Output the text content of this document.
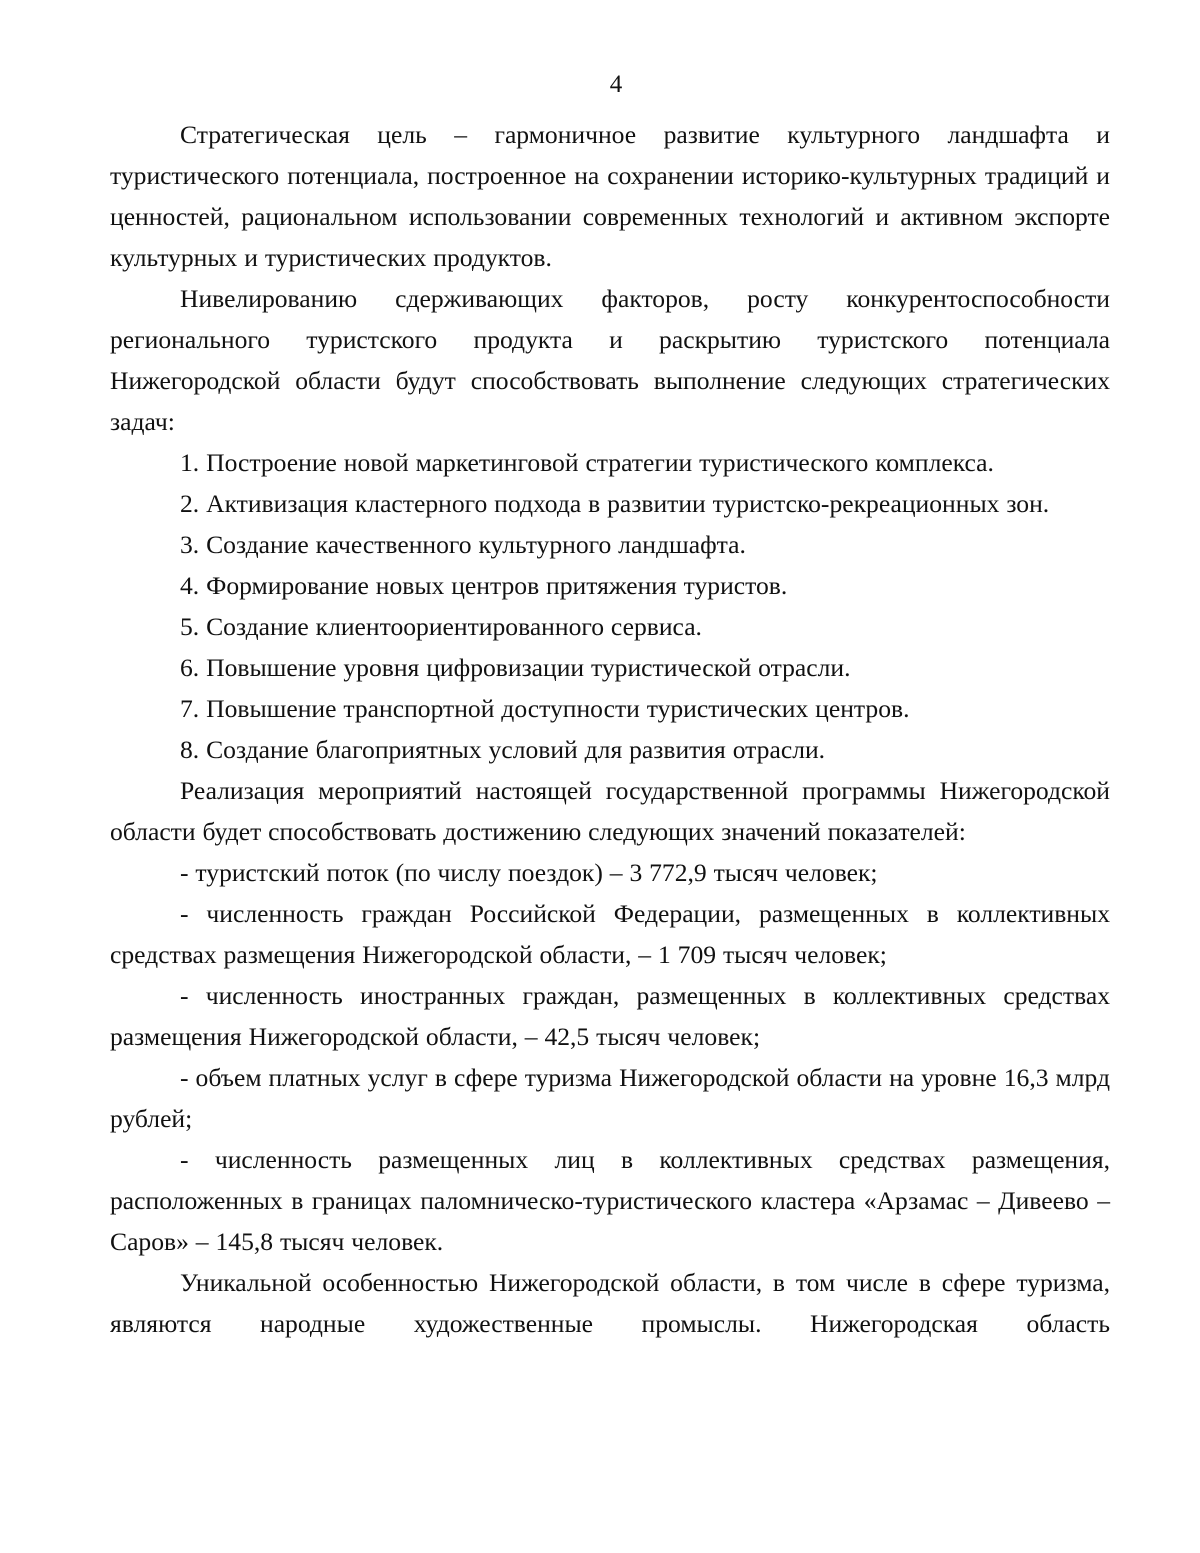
4

Стратегическая цель – гармоничное развитие культурного ландшафта и туристического потенциала, построенное на сохранении историко-культурных традиций и ценностей, рациональном использовании современных технологий и активном экспорте культурных и туристических продуктов.

Нивелированию сдерживающих факторов, росту конкурентоспособности регионального туристского продукта и раскрытию туристского потенциала Нижегородской области будут способствовать выполнение следующих стратегических задач:

1. Построение новой маркетинговой стратегии туристического комплекса.

2. Активизация кластерного подхода в развитии туристско-рекреационных зон.

3. Создание качественного культурного ландшафта.

4. Формирование новых центров притяжения туристов.

5. Создание клиентоориентированного сервиса.

6. Повышение уровня цифровизации туристической отрасли.

7. Повышение транспортной доступности туристических центров.

8. Создание благоприятных условий для развития отрасли.

Реализация мероприятий настоящей государственной программы Нижегородской области будет способствовать достижению следующих значений показателей:

- туристский поток (по числу поездок) – 3 772,9 тысяч человек;

- численность граждан Российской Федерации, размещенных в коллективных средствах размещения Нижегородской области, – 1 709 тысяч человек;

- численность иностранных граждан, размещенных в коллективных средствах размещения Нижегородской области, – 42,5 тысяч человек;

- объем платных услуг в сфере туризма Нижегородской области на уровне 16,3 млрд рублей;

- численность размещенных лиц в коллективных средствах размещения, расположенных в границах паломническо-туристического кластера «Арзамас – Дивеево – Саров» – 145,8 тысяч человек.

Уникальной особенностью Нижегородской области, в том числе в сфере туризма, являются народные художественные промыслы. Нижегородская область
